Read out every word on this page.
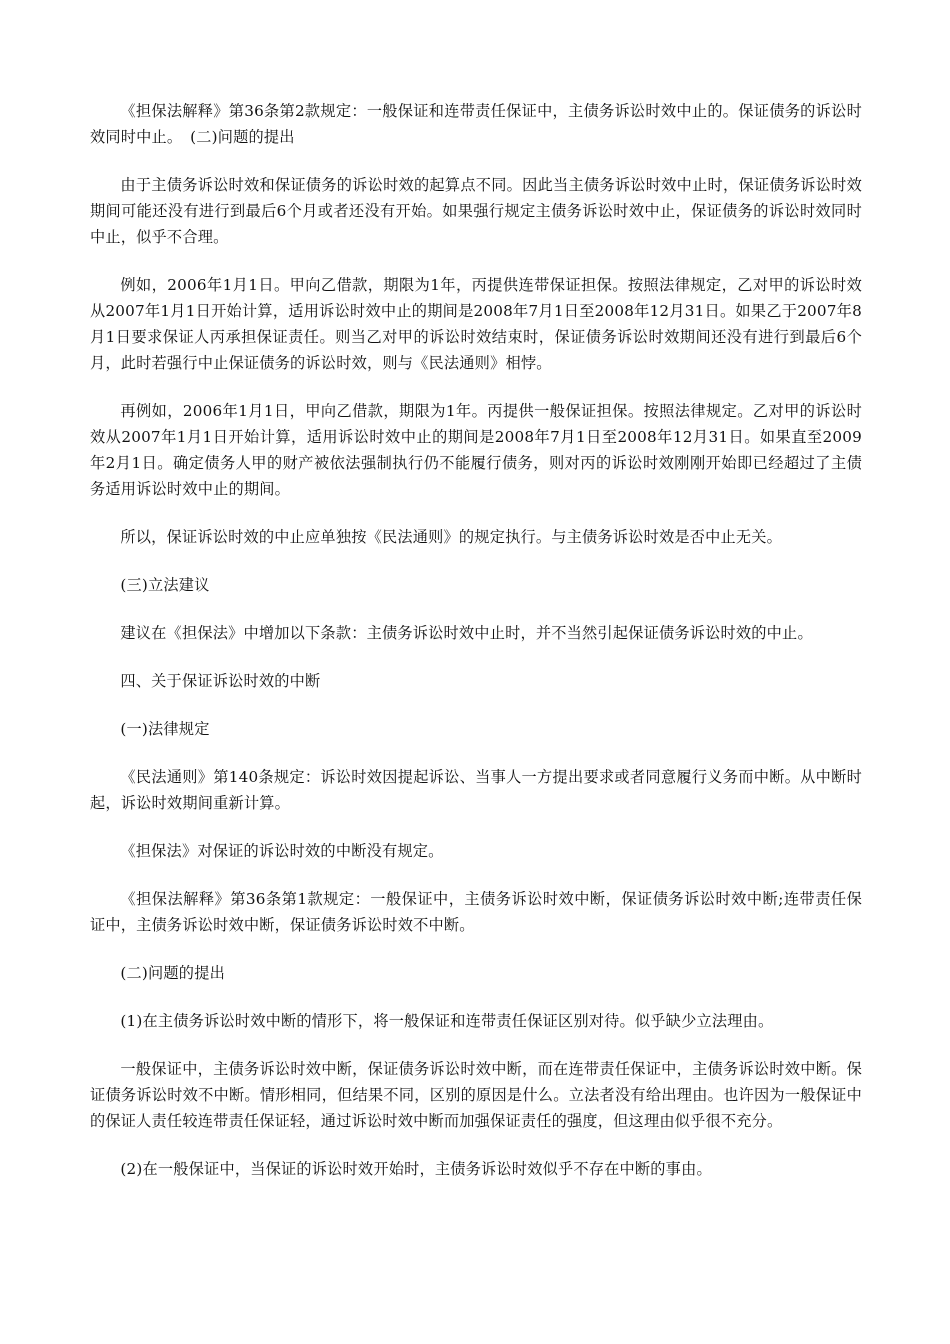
《担保法解释》第36条第2款规定：一般保证和连带责任保证中，主债务诉讼时效中止的。保证债务的诉讼时效同时中止。　(二)问题的提出

由于主债务诉讼时效和保证债务的诉讼时效的起算点不同。因此当主债务诉讼时效中止时，保证债务诉讼时效期间可能还没有进行到最后6个月或者还没有开始。如果强行规定主债务诉讼时效中止，保证债务的诉讼时效同时中止，似乎不合理。

例如，2006年1月1日。甲向乙借款，期限为1年，丙提供连带保证担保。按照法律规定，乙对甲的诉讼时效从2007年1月1日开始计算，适用诉讼时效中止的期间是2008年7月1日至2008年12月31日。如果乙于2007年8月1日要求保证人丙承担保证责任。则当乙对甲的诉讼时效结束时，保证债务诉讼时效期间还没有进行到最后6个月，此时若强行中止保证债务的诉讼时效，则与《民法通则》相悖。

再例如，2006年1月1日，甲向乙借款，期限为1年。丙提供一般保证担保。按照法律规定。乙对甲的诉讼时效从2007年1月1日开始计算，适用诉讼时效中止的期间是2008年7月1日至2008年12月31日。如果直至2009年2月1日。确定债务人甲的财产被依法强制执行仍不能履行债务，则对丙的诉讼时效刚刚开始即已经超过了主债务适用诉讼时效中止的期间。

所以，保证诉讼时效的中止应单独按《民法通则》的规定执行。与主债务诉讼时效是否中止无关。

(三)立法建议

建议在《担保法》中增加以下条款：主债务诉讼时效中止时，并不当然引起保证债务诉讼时效的中止。

四、关于保证诉讼时效的中断

(一)法律规定

《民法通则》第140条规定：诉讼时效因提起诉讼、当事人一方提出要求或者同意履行义务而中断。从中断时起，诉讼时效期间重新计算。

《担保法》对保证的诉讼时效的中断没有规定。

《担保法解释》第36条第1款规定：一般保证中，主债务诉讼时效中断，保证债务诉讼时效中断;连带责任保证中，主债务诉讼时效中断，保证债务诉讼时效不中断。

(二)问题的提出

(1)在主债务诉讼时效中断的情形下，将一般保证和连带责任保证区别对待。似乎缺少立法理由。

一般保证中，主债务诉讼时效中断，保证债务诉讼时效中断，而在连带责任保证中，主债务诉讼时效中断。保证债务诉讼时效不中断。情形相同，但结果不同，区别的原因是什么。立法者没有给出理由。也许因为一般保证中的保证人责任较连带责任保证轻，通过诉讼时效中断而加强保证责任的强度，但这理由似乎很不充分。

(2)在一般保证中，当保证的诉讼时效开始时，主债务诉讼时效似乎不存在中断的事由。
